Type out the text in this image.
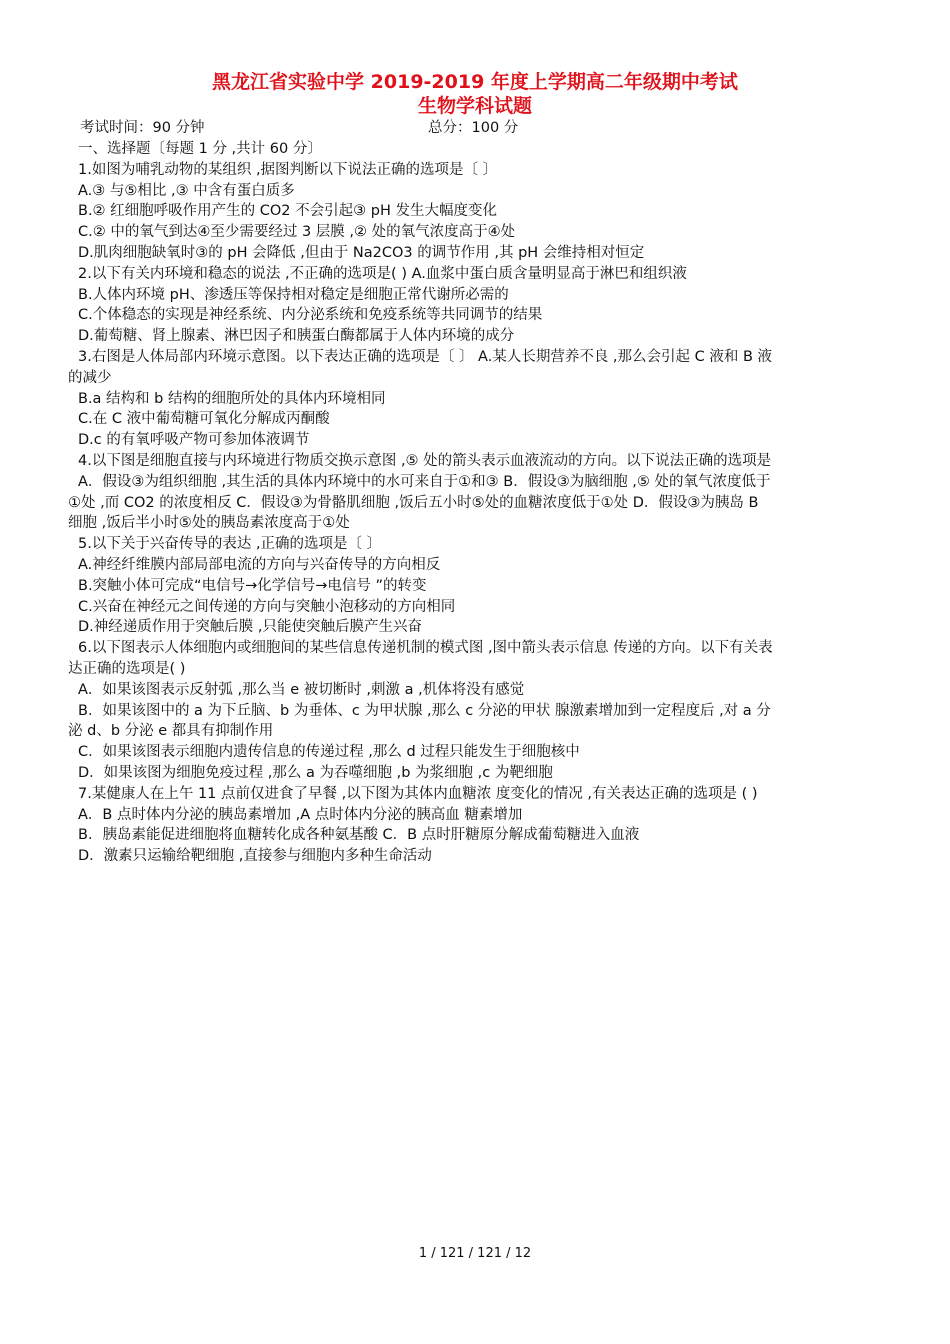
黑龙江省实验中学 2019-2019 年度上学期高二年级期中考试
生物学科试题
考试时间：90 分钟	总分：100 分
一、选择题〔每题 1 分 ,共计 60 分〕
1.如图为哺乳动物的某组织 ,据图判断以下说法正确的选项是〔 〕
A.③ 与⑤相比 ,③ 中含有蛋白质多
B.② 红细胞呼吸作用产生的 CO2 不会引起③ pH 发生大幅度变化
C.② 中的氧气到达④至少需要经过 3 层膜 ,② 处的氧气浓度高于④处
D.肌肉细胞缺氧时③的 pH 会降低 ,但由于 Na2CO3 的调节作用 ,其 pH 会维持相对恒定
2.以下有关内环境和稳态的说法 ,不正确的选项是( ) A.血浆中蛋白质含量明显高于淋巴和组织液
B.人体内环境 pH、渗透压等保持相对稳定是细胞正常代谢所必需的
C.个体稳态的实现是神经系统、内分泌系统和免疫系统等共同调节的结果
D.葡萄糖、肾上腺素、淋巴因子和胰蛋白酶都属于人体内环境的成分
3.右图是人体局部内环境示意图。以下表达正确的选项是〔 〕 A.某人长期营养不良 ,那么会引起 C 液和 B 液
的减少
B.a 结构和 b 结构的细胞所处的具体内环境相同
C.在 C 液中葡萄糖可氧化分解成丙酮酸
D.c 的有氧呼吸产物可参加体液调节
4.以下图是细胞直接与内环境进行物质交换示意图 ,⑤ 处的箭头表示血液流动的方向。以下说法正确的选项是
A．假设③为组织细胞 ,其生活的具体内环境中的水可来自于①和③ B．假设③为脑细胞 ,⑤ 处的氧气浓度低于
①处 ,而 CO2 的浓度相反 C．假设③为骨骼肌细胞 ,饭后五小时⑤处的血糖浓度低于①处 D．假设③为胰岛 B
细胞 ,饭后半小时⑤处的胰岛素浓度高于①处
5.以下关于兴奋传导的表达 ,正确的选项是〔 〕
A.神经纤维膜内部局部电流的方向与兴奋传导的方向相反
B.突触小体可完成“电信号→化学信号→电信号 ”的转变
C.兴奋在神经元之间传递的方向与突触小泡移动的方向相同
D.神经递质作用于突触后膜 ,只能使突触后膜产生兴奋
6.以下图表示人体细胞内或细胞间的某些信息传递机制的模式图 ,图中箭头表示信息 传递的方向。以下有关表
达正确的选项是( )
A．如果该图表示反射弧 ,那么当 e 被切断时 ,刺激 a ,机体将没有感觉
B．如果该图中的 a 为下丘脑、b 为垂体、c 为甲状腺 ,那么 c 分泌的甲状 腺激素增加到一定程度后 ,对 a 分
泌 d、b 分泌 e 都具有抑制作用
C．如果该图表示细胞内遗传信息的传递过程 ,那么 d 过程只能发生于细胞核中
D．如果该图为细胞免疫过程 ,那么 a 为吞噬细胞 ,b 为浆细胞 ,c 为靶细胞
7.某健康人在上午 11 点前仅进食了早餐 ,以下图为其体内血糖浓 度变化的情况 ,有关表达正确的选项是 ( )
A．B 点时体内分泌的胰岛素增加 ,A 点时体内分泌的胰高血 糖素增加
B．胰岛素能促进细胞将血糖转化成各种氨基酸 C．B 点时肝糖原分解成葡萄糖进入血液
D．激素只运输给靶细胞 ,直接参与细胞内多种生命活动
1 / 121 / 121 / 12
